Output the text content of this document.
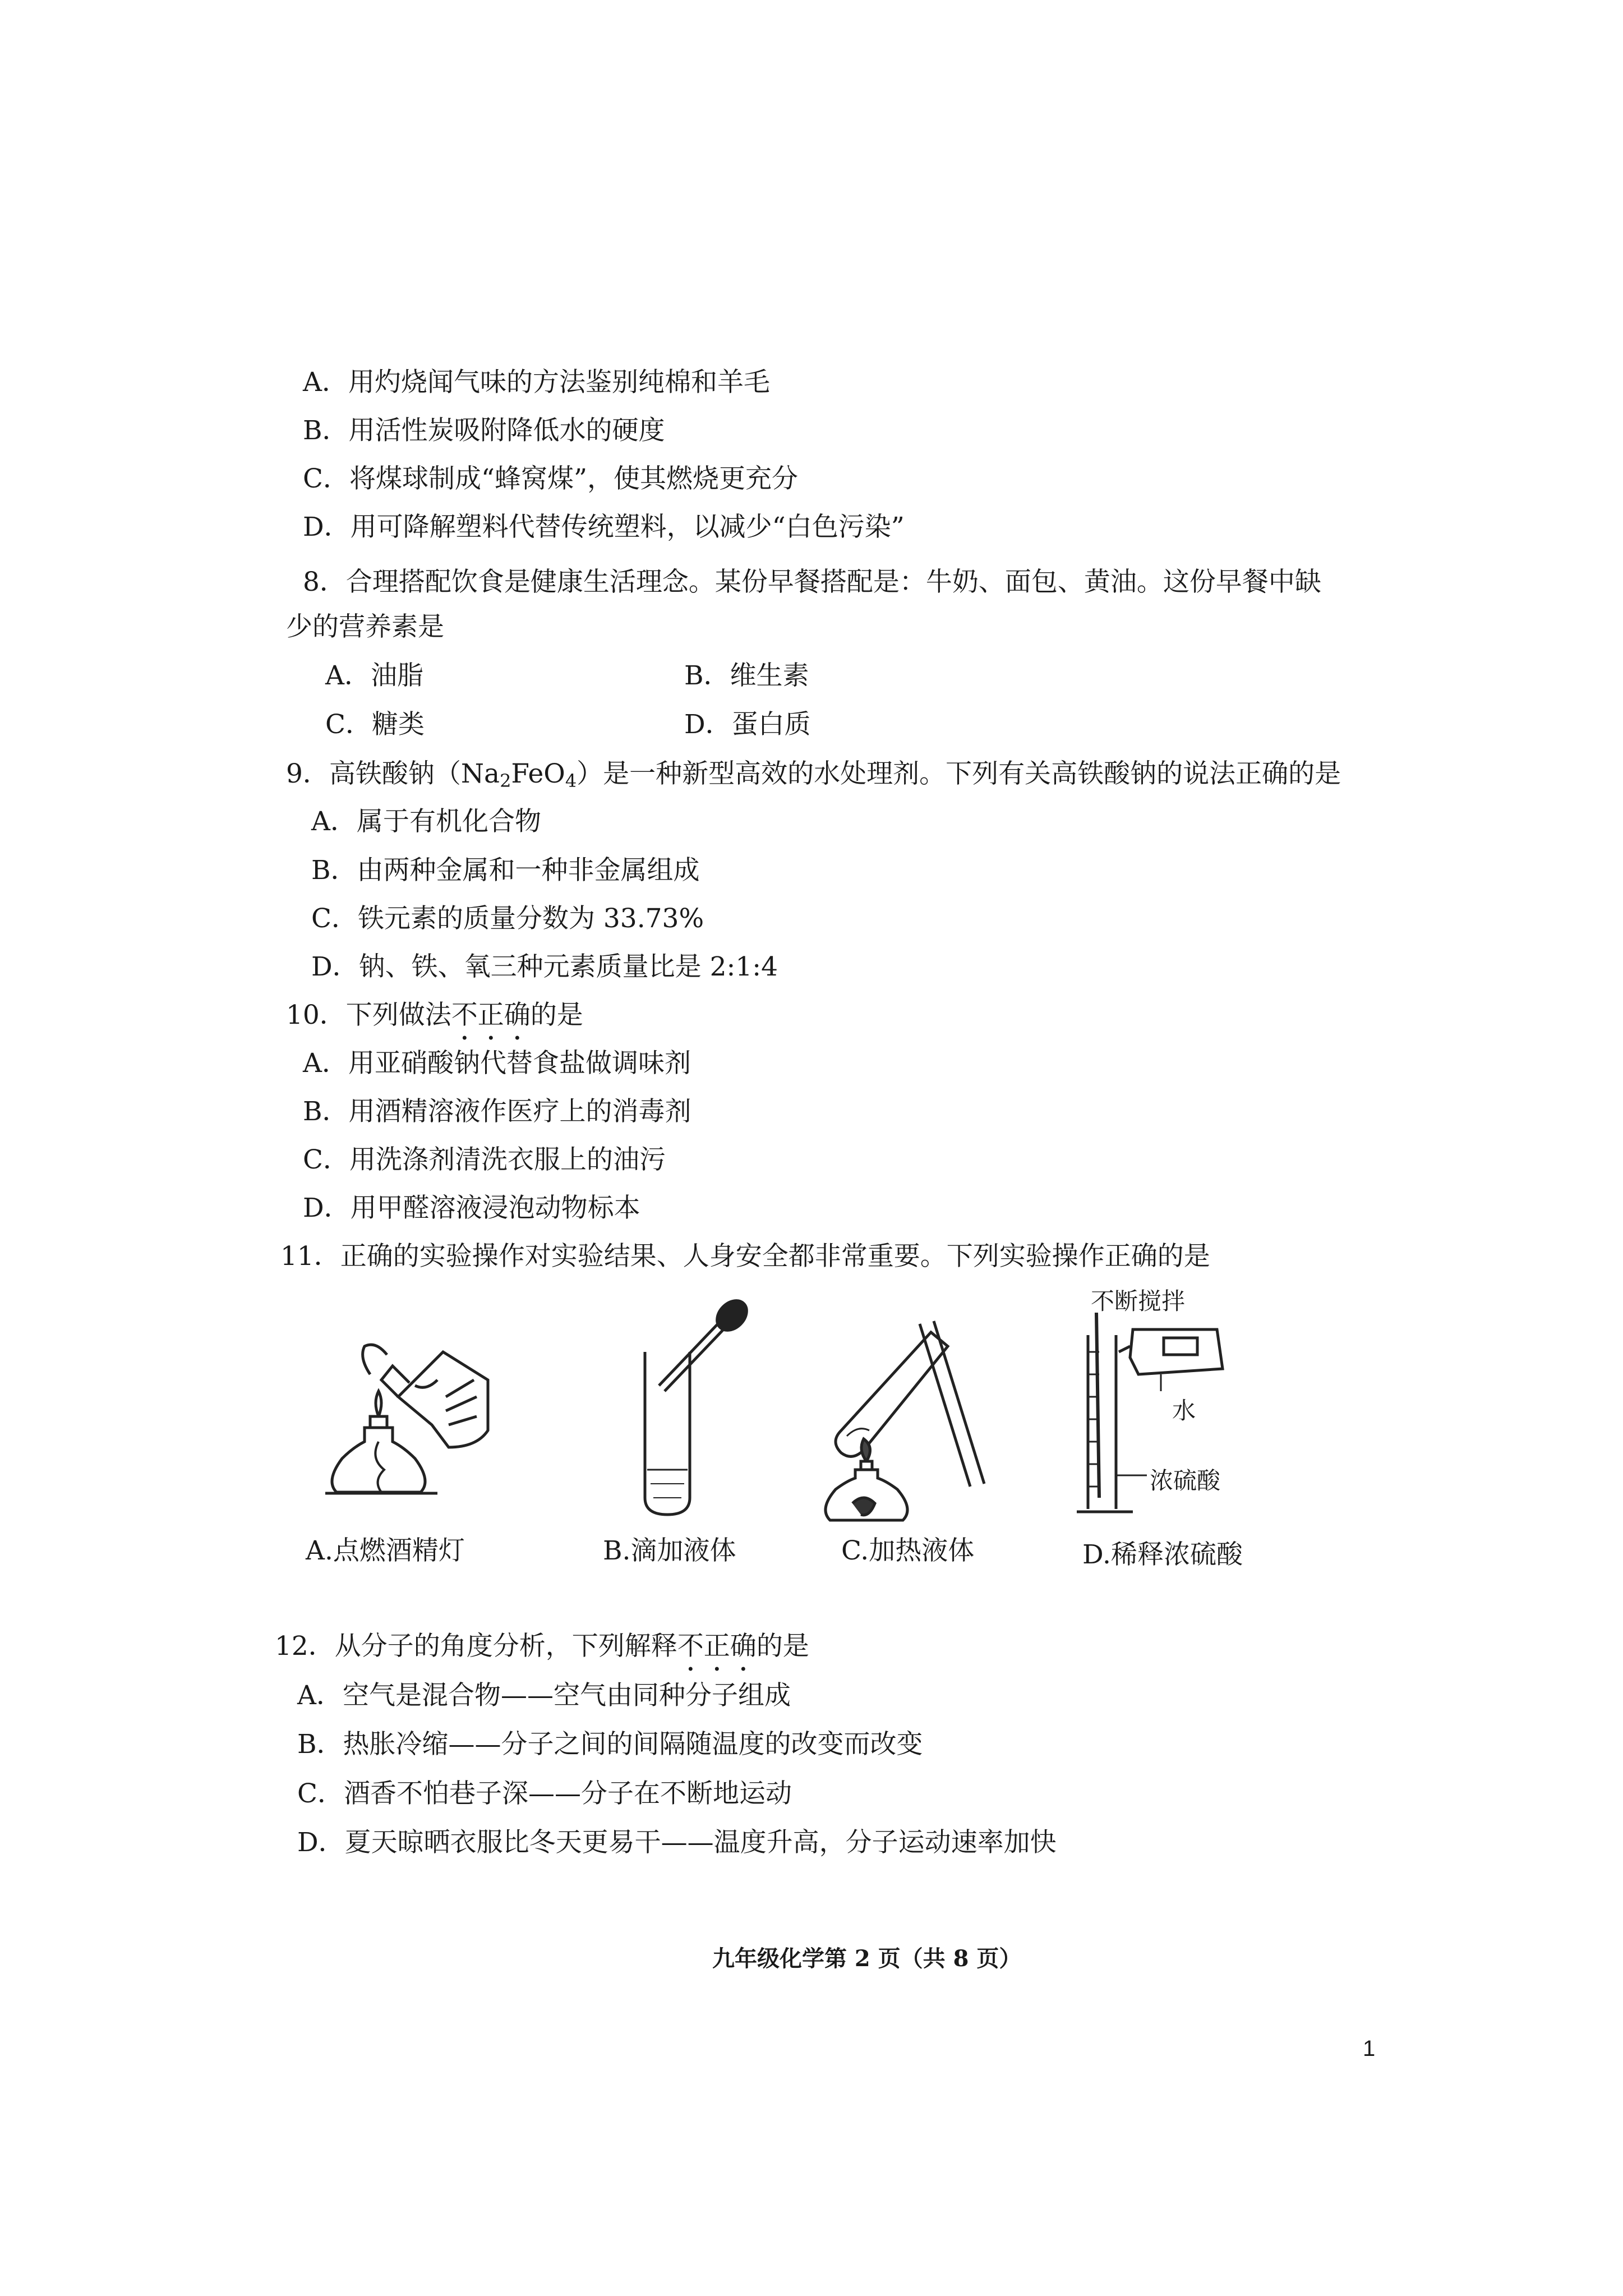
A．用灼烧闻气味的方法鉴别纯棉和羊毛
B．用活性炭吸附降低水的硬度
C．将煤球制成“蜂窝煤”，使其燃烧更充分
D．用可降解塑料代替传统塑料，以减少“白色污染”
8．合理搭配饮食是健康生活理念。某份早餐搭配是：牛奶、面包、黄油。这份早餐中缺
少的营养素是
A．油脂	B．维生素
C．糖类	D．蛋白质
9．高铁酸钠$(Na_2FeO_4)$是一种新型高效的水处理剂。下列有关高铁酸钠的说法正确的是
A．属于有机化合物
B．由两种金属和一种非金属组成
C．铁元素的质量分数为 33.73%
D．钠、铁、氧三种元素质量比是 2:1:4
10．下列做法不正确的是
A．用亚硝酸钠代替食盐做调味剂
B．用酒精溶液作医疗上的消毒剂
C．用洗涤剂清洗衣服上的油污
D．用甲醛溶液浸泡动物标本
11．正确的实验操作对实验结果、人身安全都非常重要。下列实验操作正确的是
A.点燃酒精灯	B.滴加液体	C.加热液体
不断搅拌
水
浓硫酸
D.稀释浓硫酸
12．从分子的角度分析，下列解释不正确的是
A．空气是混合物——空气由同种分子组成
B．热胀冷缩——分子之间的间隔随温度的改变而改变
C．酒香不怕巷子深——分子在不断地运动
D．夏天晾晒衣服比冬天更易干——温度升高，分子运动速率加快
九年级化学第 2 页（共 8 页）
1
